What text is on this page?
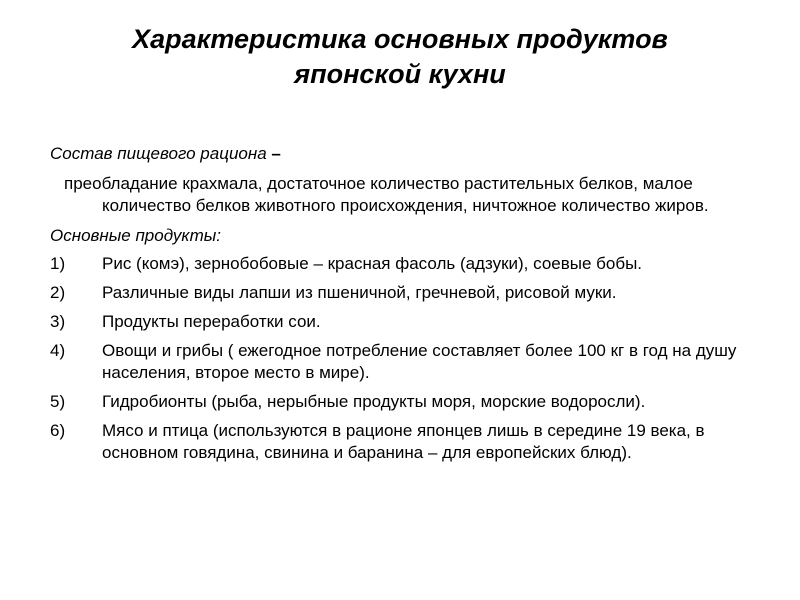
Характеристика основных продуктов
японской кухни

Состав пищевого рациона –

преобладание крахмала, достаточное количество растительных белков, малое количество белков животного происхождения, ничтожное количество жиров.

Основные продукты:

1) Рис (комэ), зернобобовые – красная фасоль (адзуки), соевые бобы.
2) Различные виды лапши из пшеничной, гречневой, рисовой муки.
3) Продукты переработки сои.
4) Овощи и грибы ( ежегодное потребление составляет более 100 кг в год на душу населения, второе место в мире).
5) Гидробионты (рыба, нерыбные продукты моря, морские водоросли).
6) Мясо и птица (используются в рационе японцев лишь в середине 19 века, в основном говядина, свинина и баранина – для европейских блюд).
